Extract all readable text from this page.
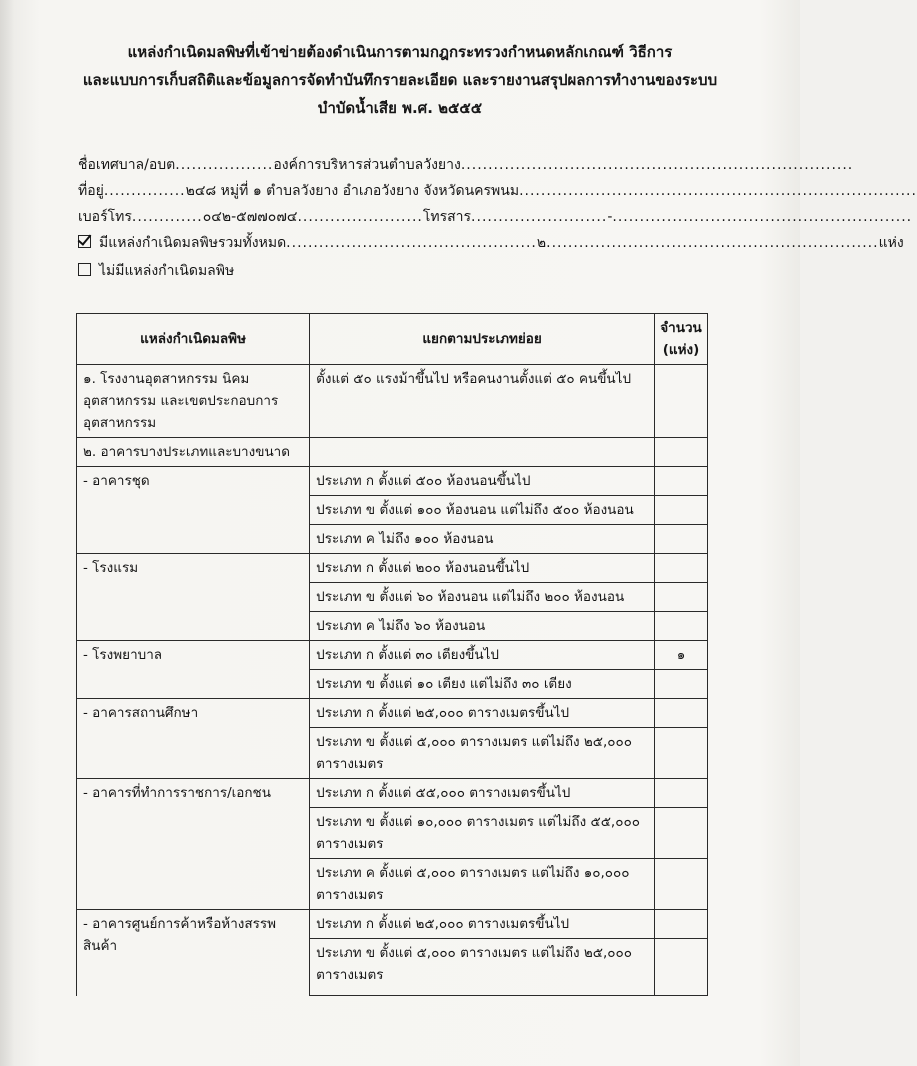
แหล่งกำเนิดมลพิษที่เข้าข่ายต้องดำเนินการตามกฎกระทรวงกำหนดหลักเกณฑ์ วิธีการ
และแบบการเก็บสถิติและข้อมูลการจัดทำบันทึกรายละเอียด และรายงานสรุปผลการทำงานของระบบ
บำบัดน้ำเสีย พ.ศ. ๒๕๕๕
ชื่อเทศบาล/อบต..................องค์การบริหารส่วนตำบลวังยาง........................................................................
ที่อยู่...............๒๔๘ หมู่ที่ ๑ ตำบลวังยาง อำเภอวังยาง จังหวัดนครพนม.........................................................................
เบอร์โทร.............๐๔๒-๕๗๗๐๗๔.......................โทรสาร.........................-.......................................................
มีแหล่งกำเนิดมลพิษรวมทั้งหมด..............................................๒.............................................................แห่ง
ไม่มีแหล่งกำเนิดมลพิษ
แหล่งกำเนิดมลพิษ	แยกตามประเภทย่อย	จำนวน
(แห่ง)

๑. โรงงานอุตสาหกรรม นิคมอุตสาหกรรม และเขตประกอบการอุตสาหกรรม	ตั้งแต่ ๕๐ แรงม้าขึ้นไป หรือคนงานตั้งแต่ ๕๐ คนขึ้นไป	
๒. อาคารบางประเภทและบางขนาด		
- อาคารชุด	ประเภท ก ตั้งแต่ ๕๐๐ ห้องนอนขึ้นไป	
	ประเภท ข ตั้งแต่ ๑๐๐ ห้องนอน แต่ไม่ถึง ๕๐๐ ห้องนอน	
	ประเภท ค ไม่ถึง ๑๐๐ ห้องนอน	
- โรงแรม	ประเภท ก ตั้งแต่ ๒๐๐ ห้องนอนขึ้นไป	
	ประเภท ข ตั้งแต่ ๖๐ ห้องนอน แต่ไม่ถึง ๒๐๐ ห้องนอน	
	ประเภท ค ไม่ถึง ๖๐ ห้องนอน	
- โรงพยาบาล	ประเภท ก ตั้งแต่ ๓๐ เตียงขึ้นไป	๑
	ประเภท ข ตั้งแต่ ๑๐ เตียง แต่ไม่ถึง ๓๐ เตียง	
- อาคารสถานศึกษา	ประเภท ก ตั้งแต่ ๒๕,๐๐๐ ตารางเมตรขึ้นไป	
	ประเภท ข ตั้งแต่ ๕,๐๐๐ ตารางเมตร แต่ไม่ถึง ๒๕,๐๐๐ ตารางเมตร	
- อาคารที่ทำการราชการ/เอกชน	ประเภท ก ตั้งแต่ ๕๕,๐๐๐ ตารางเมตรขึ้นไป	
	ประเภท ข ตั้งแต่ ๑๐,๐๐๐ ตารางเมตร แต่ไม่ถึง ๕๕,๐๐๐ ตารางเมตร	
	ประเภท ค ตั้งแต่ ๕,๐๐๐ ตารางเมตร แต่ไม่ถึง ๑๐,๐๐๐ ตารางเมตร	
- อาคารศูนย์การค้าหรือห้างสรรพสินค้า	ประเภท ก ตั้งแต่ ๒๕,๐๐๐ ตารางเมตรขึ้นไป	
	ประเภท ข ตั้งแต่ ๕,๐๐๐ ตารางเมตร แต่ไม่ถึง ๒๕,๐๐๐ ตารางเมตร	
